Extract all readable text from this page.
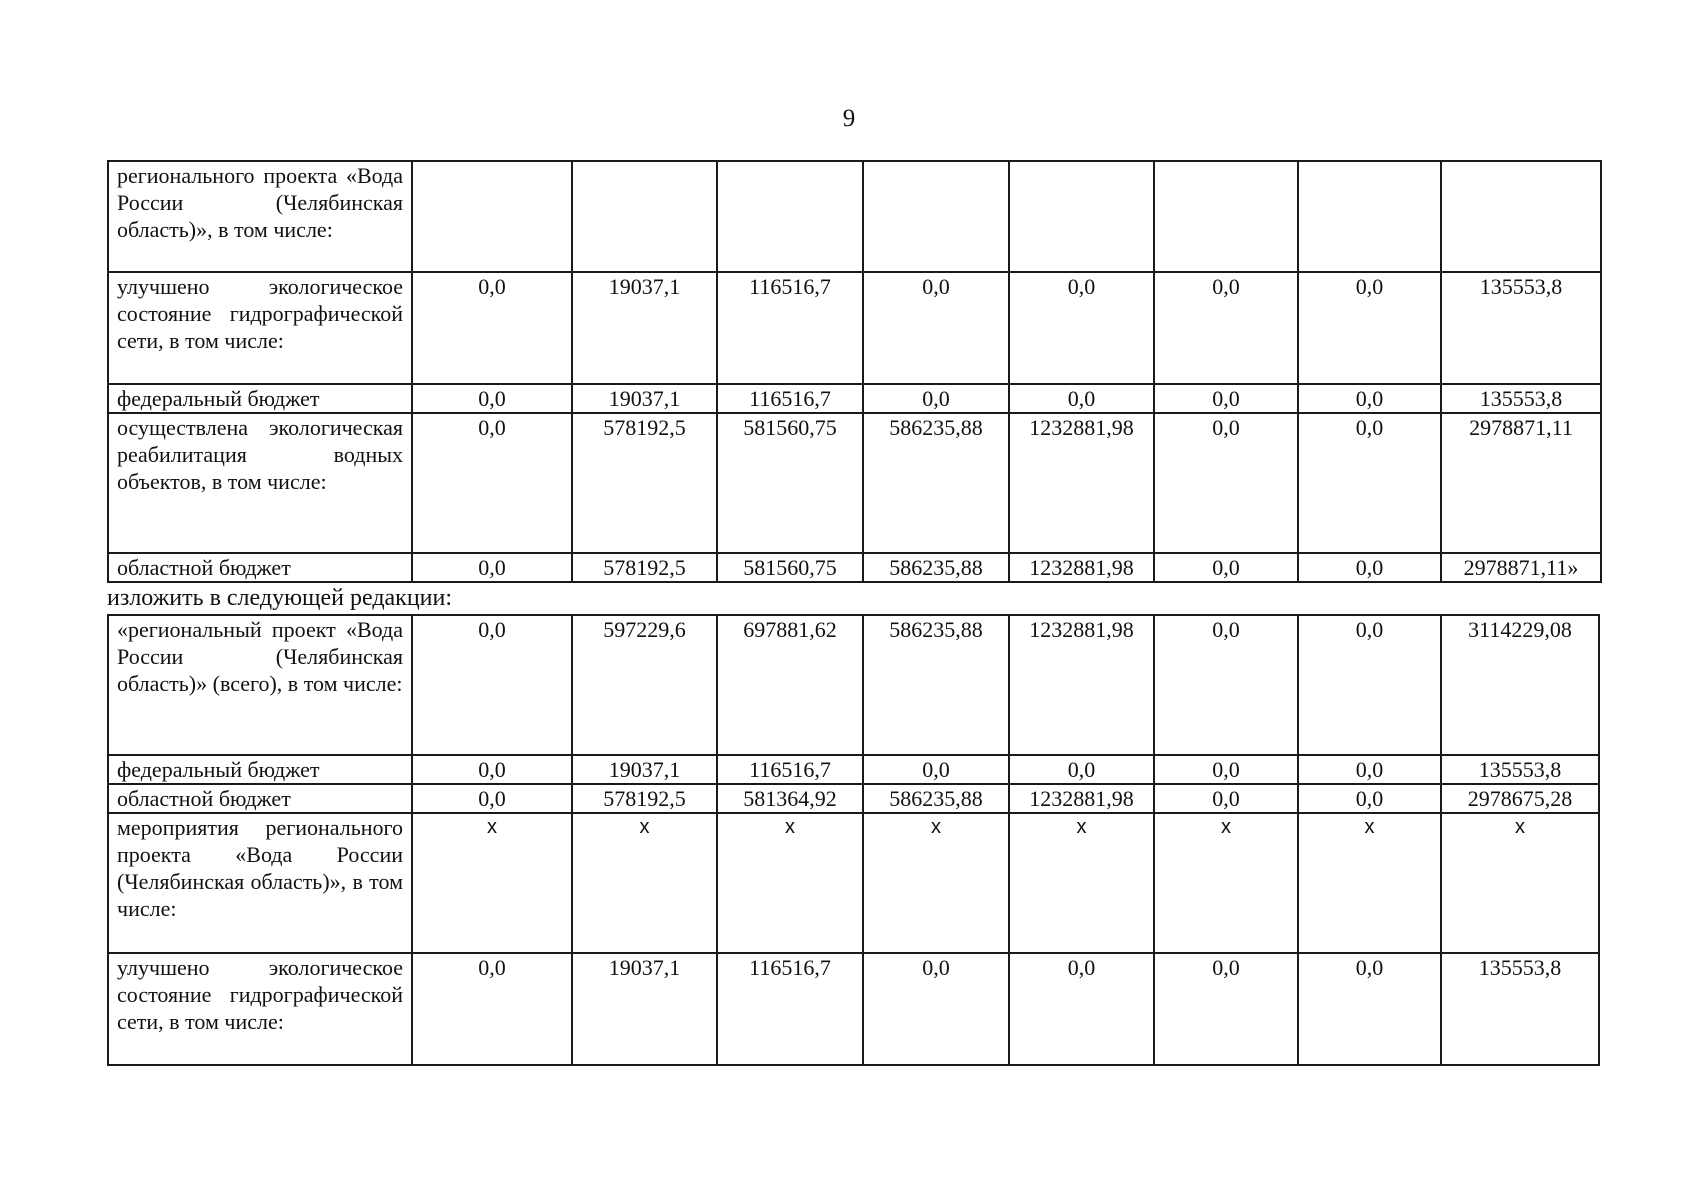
9
регионального проекта «Вода России (Челябинская область)», в том числе:								
улучшено экологическое состояние гидрографической сети, в том числе:	0,0	19037,1	116516,7	0,0	0,0	0,0	0,0	135553,8
федеральный бюджет	0,0	19037,1	116516,7	0,0	0,0	0,0	0,0	135553,8
осуществлена экологическая реабилитация водных объектов, в том числе:	0,0	578192,5	581560,75	586235,88	1232881,98	0,0	0,0	2978871,11
областной бюджет	0,0	578192,5	581560,75	586235,88	1232881,98	0,0	0,0	2978871,11»
изложить в следующей редакции:
«региональный проект «Вода России (Челябинская область)» (всего), в том числе:	0,0	597229,6	697881,62	586235,88	1232881,98	0,0	0,0	3114229,08
федеральный бюджет	0,0	19037,1	116516,7	0,0	0,0	0,0	0,0	135553,8
областной бюджет	0,0	578192,5	581364,92	586235,88	1232881,98	0,0	0,0	2978675,28
мероприятия регионального проекта «Вода России (Челябинская область)», в том числе:	x	x	x	x	x	x	x	x
улучшено экологическое состояние гидрографической сети, в том числе:	0,0	19037,1	116516,7	0,0	0,0	0,0	0,0	135553,8
